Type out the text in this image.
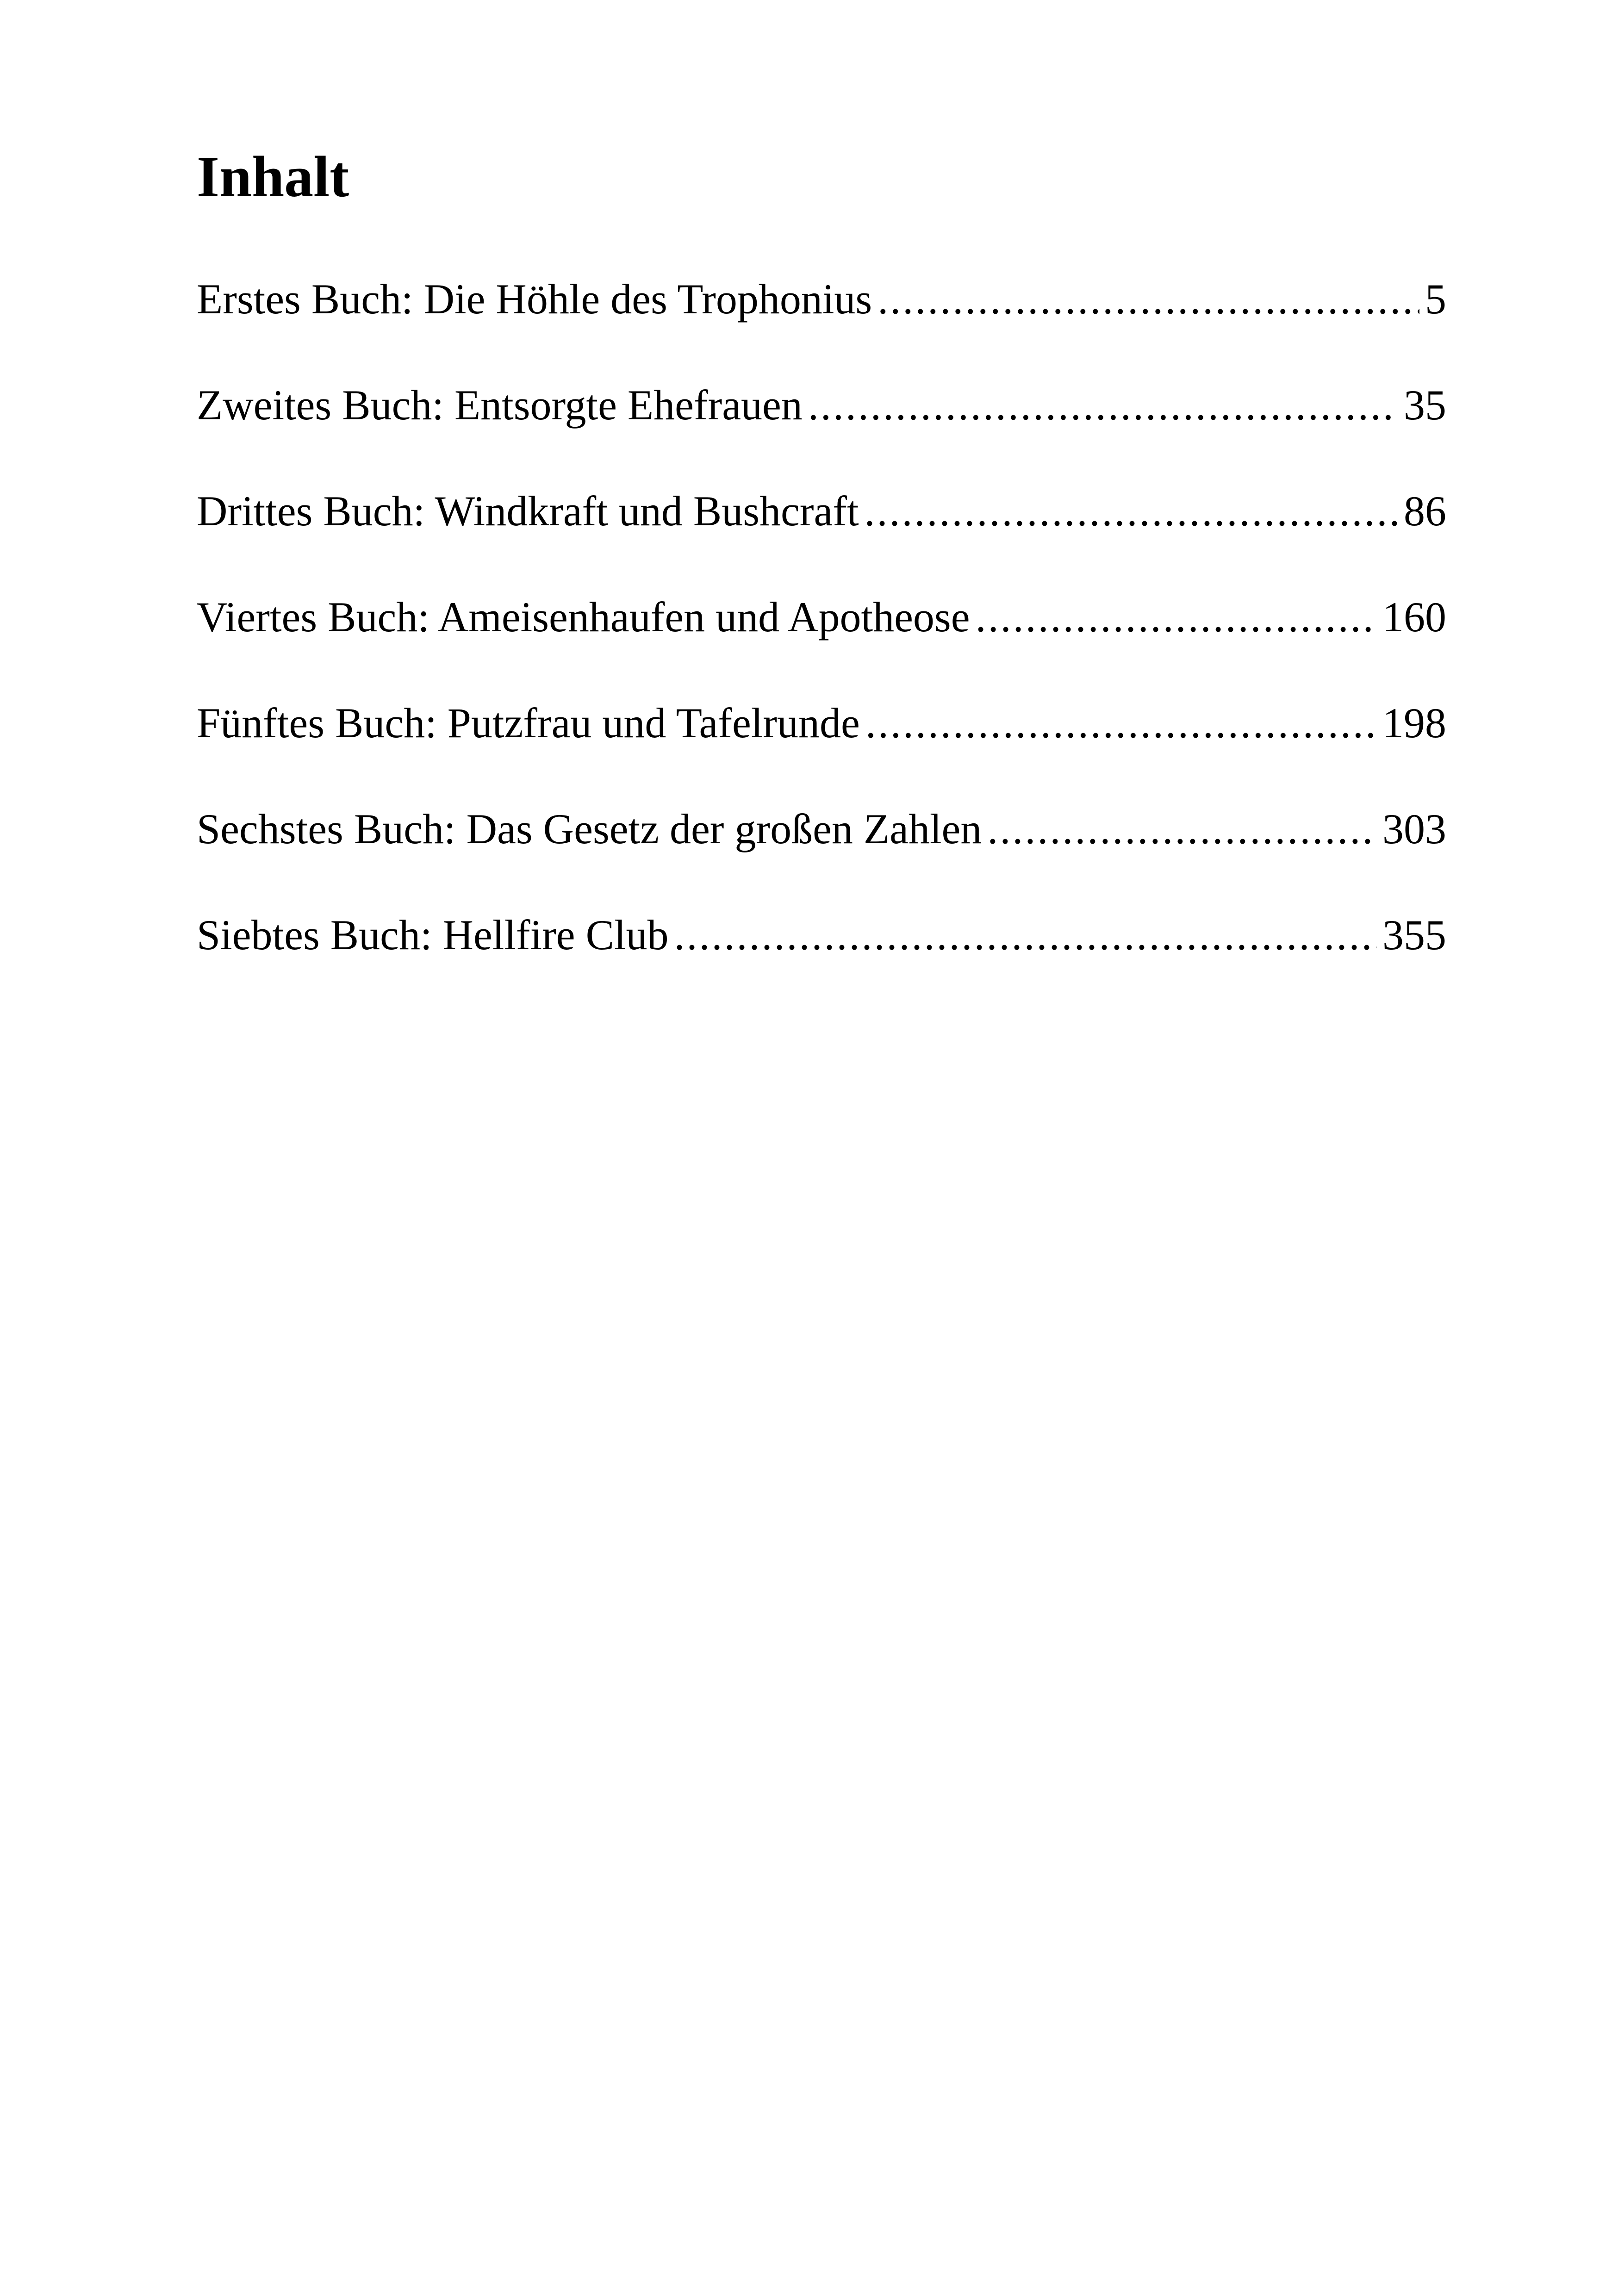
Inhalt
Erstes Buch: Die Höhle des Trophonius .....	5
Zweites Buch: Entsorgte Ehefrauen .....	35
Drittes Buch: Windkraft und Bushcraft .....	86
Viertes Buch: Ameisenhaufen und Apotheose .....	160
Fünftes Buch: Putzfrau und Tafelrunde .....	198
Sechstes Buch: Das Gesetz der großen Zahlen .....	303
Siebtes Buch: Hellfire Club .....	355
